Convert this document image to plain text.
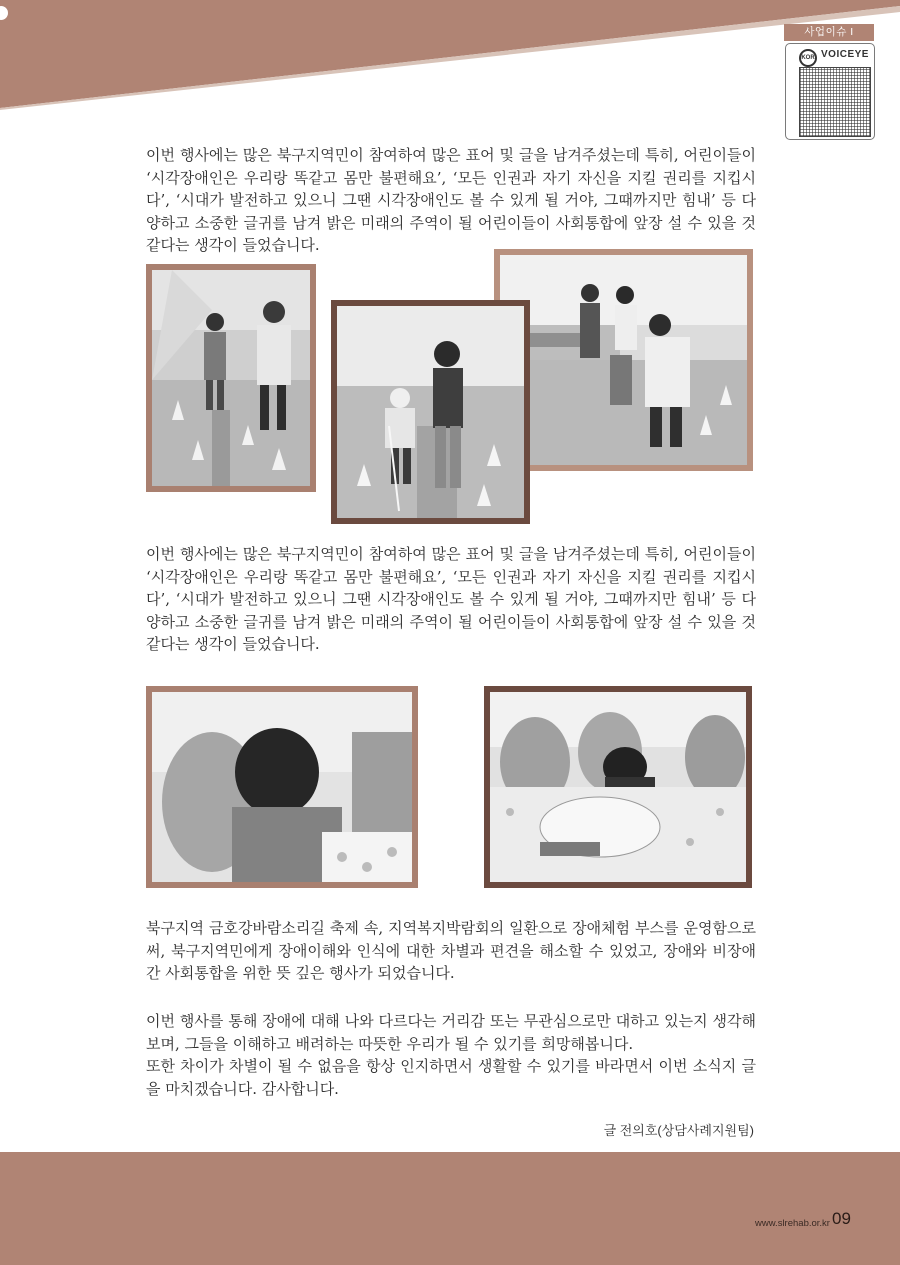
사업이슈 I
KOR VOICEYE

이번 행사에는 많은 북구지역민이 참여하여 많은 표어 및 글을 남겨주셨는데 특히, 어린이들이 ‘시각장애인은 우리랑 똑같고 몸만 불편해요’, ‘모든 인권과 자기 자신을 지킬 권리를 지킵시다’, ‘시대가 발전하고 있으니 그땐 시각장애인도 볼 수 있게 될 거야, 그때까지만 힘내’ 등 다양하고 소중한 글귀를 남겨 밝은 미래의 주역이 될 어린이들이 사회통합에 앞장 설 수 있을 것 같다는 생각이 들었습니다.

이번 행사에는 많은 북구지역민이 참여하여 많은 표어 및 글을 남겨주셨는데 특히, 어린이들이 ‘시각장애인은 우리랑 똑같고 몸만 불편해요’, ‘모든 인권과 자기 자신을 지킬 권리를 지킵시다’, ‘시대가 발전하고 있으니 그땐 시각장애인도 볼 수 있게 될 거야, 그때까지만 힘내’ 등 다양하고 소중한 글귀를 남겨 밝은 미래의 주역이 될 어린이들이 사회통합에 앞장 설 수 있을 것 같다는 생각이 들었습니다.

북구지역 금호강바람소리길 축제 속, 지역복지박람회의 일환으로 장애체험 부스를 운영함으로써, 북구지역민에게 장애이해와 인식에 대한 차별과 편견을 해소할 수 있었고, 장애와 비장애 간 사회통합을 위한 뜻 깊은 행사가 되었습니다.

이번 행사를 통해 장애에 대해 나와 다르다는 거리감 또는 무관심으로만 대하고 있는지 생각해보며, 그들을 이해하고 배려하는 따뜻한 우리가 될 수 있기를 희망해봅니다.
또한 차이가 차별이 될 수 없음을 항상 인지하면서 생활할 수 있기를 바라면서 이번 소식지 글을 마치겠습니다. 감사합니다.
글 전의호(상담사례지원팀)
www.slrehab.or.kr 09
